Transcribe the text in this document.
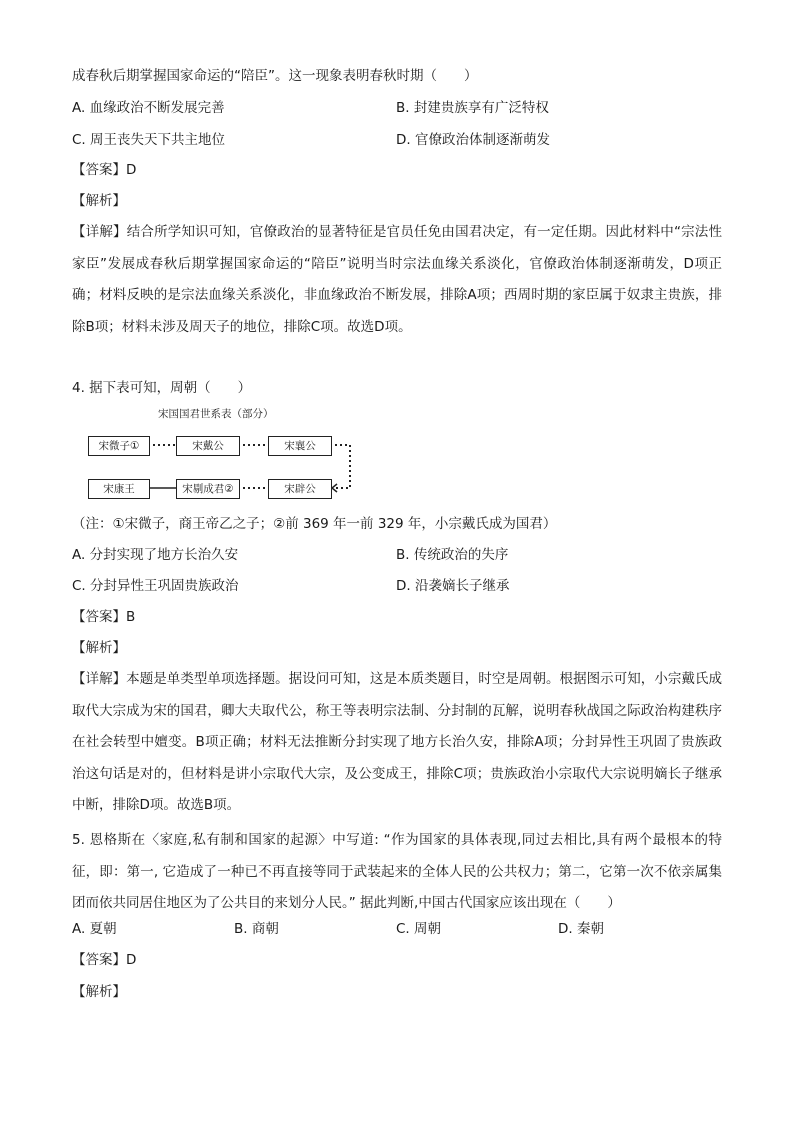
成春秋后期掌握国家命运的“陪臣”。这一现象表明春秋时期（　　）
A. 血缘政治不断发展完善	B. 封建贵族享有广泛特权
C. 周王丧失天下共主地位	D. 官僚政治体制逐渐萌发
【答案】D
【解析】
【详解】结合所学知识可知，官僚政治的显著特征是官员任免由国君决定，有一定任期。因此材料中“宗法性家臣”发展成春秋后期掌握国家命运的“陪臣”说明当时宗法血缘关系淡化，官僚政治体制逐渐萌发，D项正确；材料反映的是宗法血缘关系淡化，非血缘政治不断发展，排除A项；西周时期的家臣属于奴隶主贵族，排除B项；材料未涉及周天子的地位，排除C项。故选D项。
4. 据下表可知，周朝（　　）
宋国国君世系表（部分）
宋微子①	宋戴公	宋襄公
宋康王	宋剔成君②	宋辟公
（注：①宋微子，商王帝乙之子；②前 369 年一前 329 年，小宗戴氏成为国君）
A. 分封实现了地方长治久安	B. 传统政治的失序
C. 分封异性王巩固贵族政治	D. 沿袭嫡长子继承
【答案】B
【解析】
【详解】本题是单类型单项选择题。据设问可知，这是本质类题目，时空是周朝。根据图示可知，小宗戴氏成取代大宗成为宋的国君，卿大夫取代公，称王等表明宗法制、分封制的瓦解，说明春秋战国之际政治构建秩序在社会转型中嬗变。B项正确；材料无法推断分封实现了地方长治久安，排除A项；分封异性王巩固了贵族政治这句话是对的，但材料是讲小宗取代大宗，及公变成王，排除C项；贵族政治小宗取代大宗说明嫡长子继承中断，排除D项。故选B项。
5. 恩格斯在〈家庭,私有制和国家的起源〉中写道: “作为国家的具体表现,同过去相比,具有两个最根本的特征，即：第一, 它造成了一种已不再直接等同于武装起来的全体人民的公共权力；第二，它第一次不依亲属集团而依共同居住地区为了公共目的来划分人民。” 据此判断,中国古代国家应该出现在（　　）
A. 夏朝	B. 商朝	C. 周朝	D. 秦朝
【答案】D
【解析】
